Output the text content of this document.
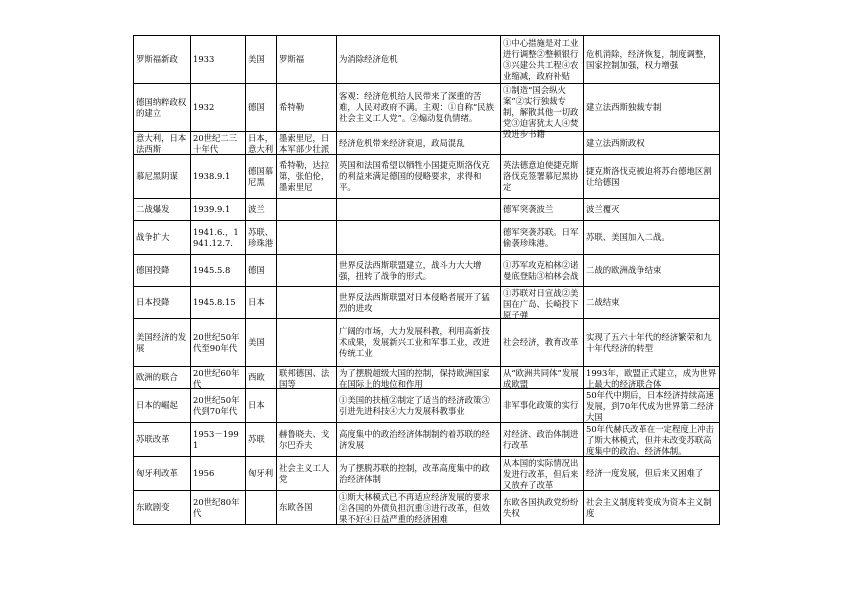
罗斯福新政	1933	美国	罗斯福	为消除经济危机	①中心措施是对工业进行调整②整顿银行③兴建公共工程④农业缩减，政府补贴	危机消除，经济恢复，制度调整，国家控制加强，权力增强

德国纳粹政权的建立	1932	德国	希特勒	客观：经济危机给人民带来了深重的苦难，人民对政府不满。主观：①自称“民族社会主义工人党”。②煽动复仇情绪。	①制造“国会纵火案”②实行独裁专制，解散其他一切政党③迫害犹太人④焚毁进步书籍	建立法西斯独裁专制

意大利，日本法西斯	20世纪二三十年代	日本，意大利	墨索里尼，日本军部少壮派	经济危机带来经济衰退，政局混乱		建立法西斯政权

慕尼黑阴谋	1938.9.1	德国慕尼黑	希特勒，达拉第，张伯伦，墨索里尼	英国和法国希望以牺牲小国捷克斯洛伐克的利益来满足德国的侵略要求，求得和平。	英法德意迫使捷克斯洛伐克签署慕尼黑协定	捷克斯洛伐克被迫将苏台德地区割让给德国

二战爆发	1939.9.1	波兰			德军突袭波兰	波兰覆灭

战争扩大	1941.6.，1941.12.7.	苏联、珍珠港			德军突袭苏联。日军偷袭珍珠港。	苏联、美国加入二战。

德国投降	1945.5.8	德国		世界反法西斯联盟建立，战斗力大大增强，扭转了战争的形式。	①苏军攻克柏林②诺曼底登陆③柏林会战	二战的欧洲战争结束

日本投降	1945.8.15	日本		世界反法西斯联盟对日本侵略者展开了猛烈的进攻	①苏联对日宣战②美国在广岛、长崎投下原子弹	二战结束

美国经济的发展	20世纪50年代至90年代	美国		广阔的市场，大力发展科教，利用高新技术成果，发展新兴工业和军事工业，改进传统工业	社会经济，教育改革	实现了五六十年代的经济繁荣和九十年代经济的转型

欧洲的联合	20世纪60年代	西欧	联邦德国、法国等	为了摆脱超级大国的控制，保持欧洲国家在国际上的地位和作用	从“欧洲共同体”发展成欧盟	1993年，欧盟正式建立，成为世界上最大的经济联合体

日本的崛起	20世纪50年代到70年代	日本		①美国的扶植②制定了适当的经济政策③引进先进科技④大力发展科教事业	非军事化政策的实行	50年代中期后，日本经济持续高速发展，到70年代成为世界第二经济大国

苏联改革	1953－1991	苏联	赫鲁晓夫、戈尔巴乔夫	高度集中的政治经济体制制约着苏联的经济发展	对经济、政治体制进行改革	50年代赫氏改革在一定程度上冲击了斯大林模式，但并未改变苏联高度集中的政治、经济体制。

匈牙利改革	1956	匈牙利	社会主义工人党	为了摆脱苏联的控制，改革高度集中的政治经济体制	从本国的实际情况出发进行改革，但后来又放弃了改革	经济一度发展，但后来又困难了

东欧剧变	20世纪80年代		东欧各国	①斯大林模式已不再适应经济发展的要求②各国的外债负担沉重③进行改革，但效果不好④日益严重的经济困难	东欧各国执政党纷纷失权	社会主义制度转变成为资本主义制度
